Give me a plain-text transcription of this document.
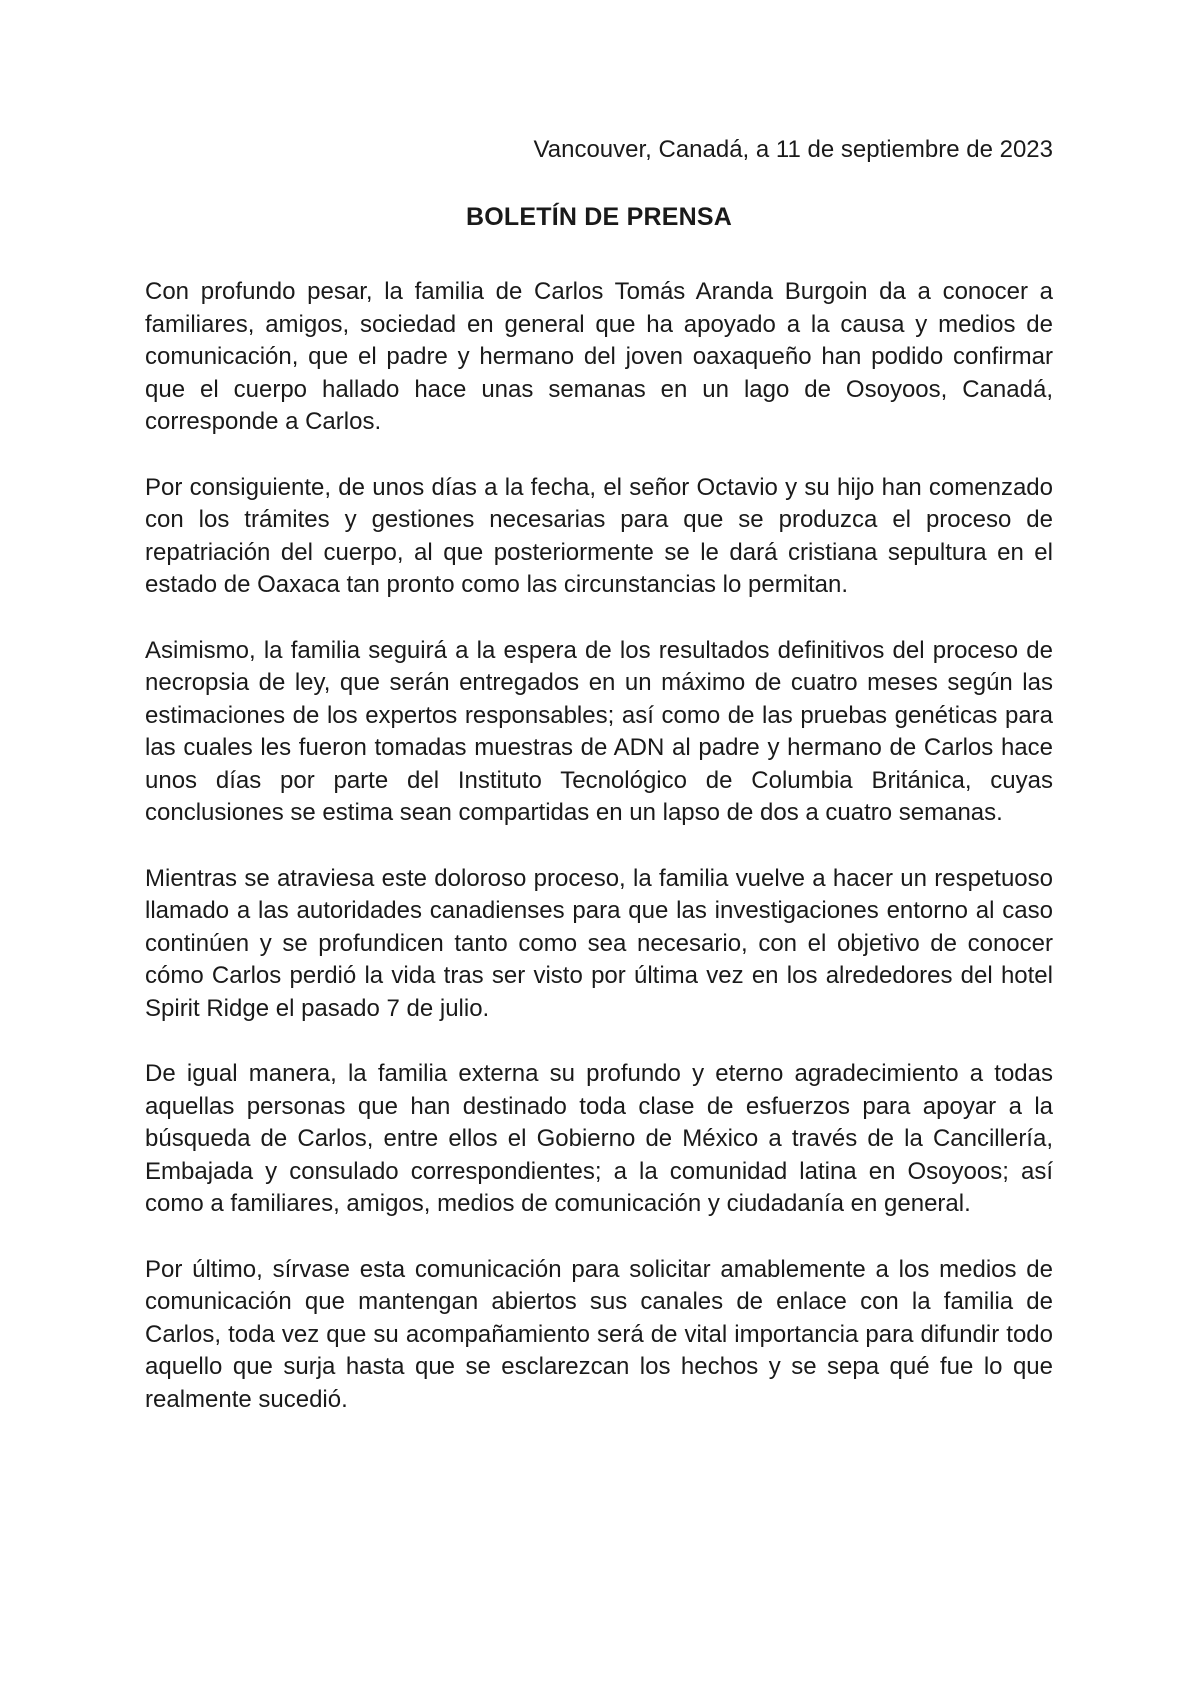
Vancouver, Canadá, a 11 de septiembre de 2023
BOLETÍN DE PRENSA

Con profundo pesar, la familia de Carlos Tomás Aranda Burgoin da a conocer a familiares, amigos, sociedad en general que ha apoyado a la causa y medios de comunicación, que el padre y hermano del joven oaxaqueño han podido confirmar que el cuerpo hallado hace unas semanas en un lago de Osoyoos, Canadá, corresponde a Carlos.

Por consiguiente, de unos días a la fecha, el señor Octavio y su hijo han comenzado con los trámites y gestiones necesarias para que se produzca el proceso de repatriación del cuerpo, al que posteriormente se le dará cristiana sepultura en el estado de Oaxaca tan pronto como las circunstancias lo permitan.

Asimismo, la familia seguirá a la espera de los resultados definitivos del proceso de necropsia de ley, que serán entregados en un máximo de cuatro meses según las estimaciones de los expertos responsables; así como de las pruebas genéticas para las cuales les fueron tomadas muestras de ADN al padre y hermano de Carlos hace unos días por parte del Instituto Tecnológico de Columbia Británica, cuyas conclusiones se estima sean compartidas en un lapso de dos a cuatro semanas.

Mientras se atraviesa este doloroso proceso, la familia vuelve a hacer un respetuoso llamado a las autoridades canadienses para que las investigaciones entorno al caso continúen y se profundicen tanto como sea necesario, con el objetivo de conocer cómo Carlos perdió la vida tras ser visto por última vez en los alrededores del hotel Spirit Ridge el pasado 7 de julio.

De igual manera, la familia externa su profundo y eterno agradecimiento a todas aquellas personas que han destinado toda clase de esfuerzos para apoyar a la búsqueda de Carlos, entre ellos el Gobierno de México a través de la Cancillería, Embajada y consulado correspondientes; a la comunidad latina en Osoyoos; así como a familiares, amigos, medios de comunicación y ciudadanía en general.

Por último, sírvase esta comunicación para solicitar amablemente a los medios de comunicación que mantengan abiertos sus canales de enlace con la familia de Carlos, toda vez que su acompañamiento será de vital importancia para difundir todo aquello que surja hasta que se esclarezcan los hechos y se sepa qué fue lo que realmente sucedió.
